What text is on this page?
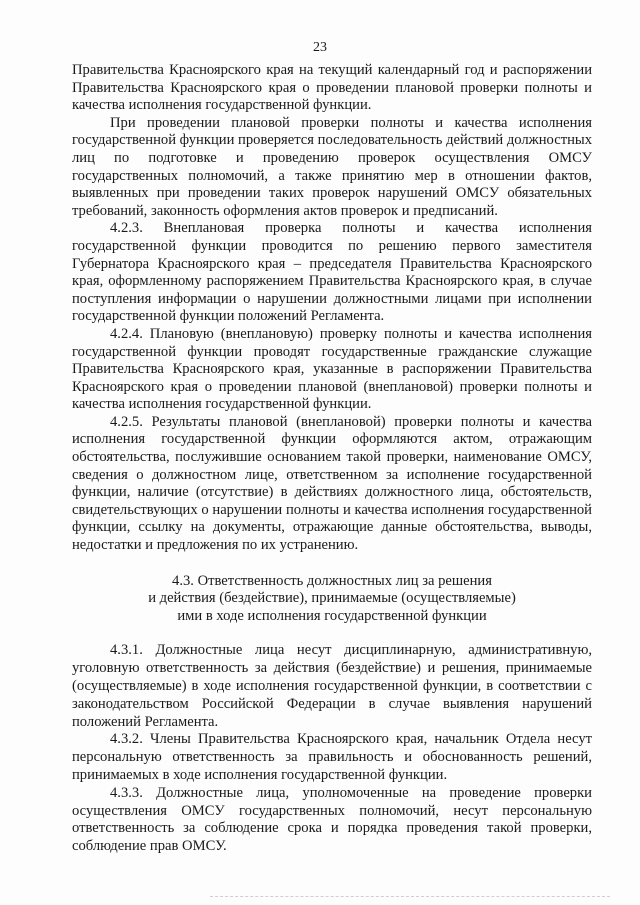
23

Правительства Красноярского края на текущий календарный год и распоряжении Правительства Красноярского края о проведении плановой проверки полноты и качества исполнения государственной функции.

При проведении плановой проверки полноты и качества исполнения государственной функции проверяется последовательность действий должностных лиц по подготовке и проведению проверок осуществления ОМСУ государственных полномочий, а также принятию мер в отношении фактов, выявленных при проведении таких проверок нарушений ОМСУ обязательных требований, законность оформления актов проверок и предписаний.

4.2.3. Внеплановая проверка полноты и качества исполнения государственной функции проводится по решению первого заместителя Губернатора Красноярского края – председателя Правительства Красноярского края, оформленному распоряжением Правительства Красноярского края, в случае поступления информации о нарушении должностными лицами при исполнении государственной функции положений Регламента.

4.2.4. Плановую (внеплановую) проверку полноты и качества исполнения государственной функции проводят государственные гражданские служащие Правительства Красноярского края, указанные в распоряжении Правительства Красноярского края о проведении плановой (внеплановой) проверки полноты и качества исполнения государственной функции.

4.2.5. Результаты плановой (внеплановой) проверки полноты и качества исполнения государственной функции оформляются актом, отражающим обстоятельства, послужившие основанием такой проверки, наименование ОМСУ, сведения о должностном лице, ответственном за исполнение государственной функции, наличие (отсутствие) в действиях должностного лица, обстоятельств, свидетельствующих о нарушении полноты и качества исполнения государственной функции, ссылку на документы, отражающие данные обстоятельства, выводы, недостатки и предложения по их устранению.

4.3. Ответственность должностных лиц за решения
и действия (бездействие), принимаемые (осуществляемые)
ими в ходе исполнения государственной функции

4.3.1. Должностные лица несут дисциплинарную, административную, уголовную ответственность за действия (бездействие) и решения, принимаемые (осуществляемые) в ходе исполнения государственной функции, в соответствии с законодательством Российской Федерации в случае выявления нарушений положений Регламента.

4.3.2. Члены Правительства Красноярского края, начальник Отдела несут персональную ответственность за правильность и обоснованность решений, принимаемых в ходе исполнения государственной функции.

4.3.3. Должностные лица, уполномоченные на проведение проверки осуществления ОМСУ государственных полномочий, несут персональную ответственность за соблюдение срока и порядка проведения такой проверки, соблюдение прав ОМСУ.
